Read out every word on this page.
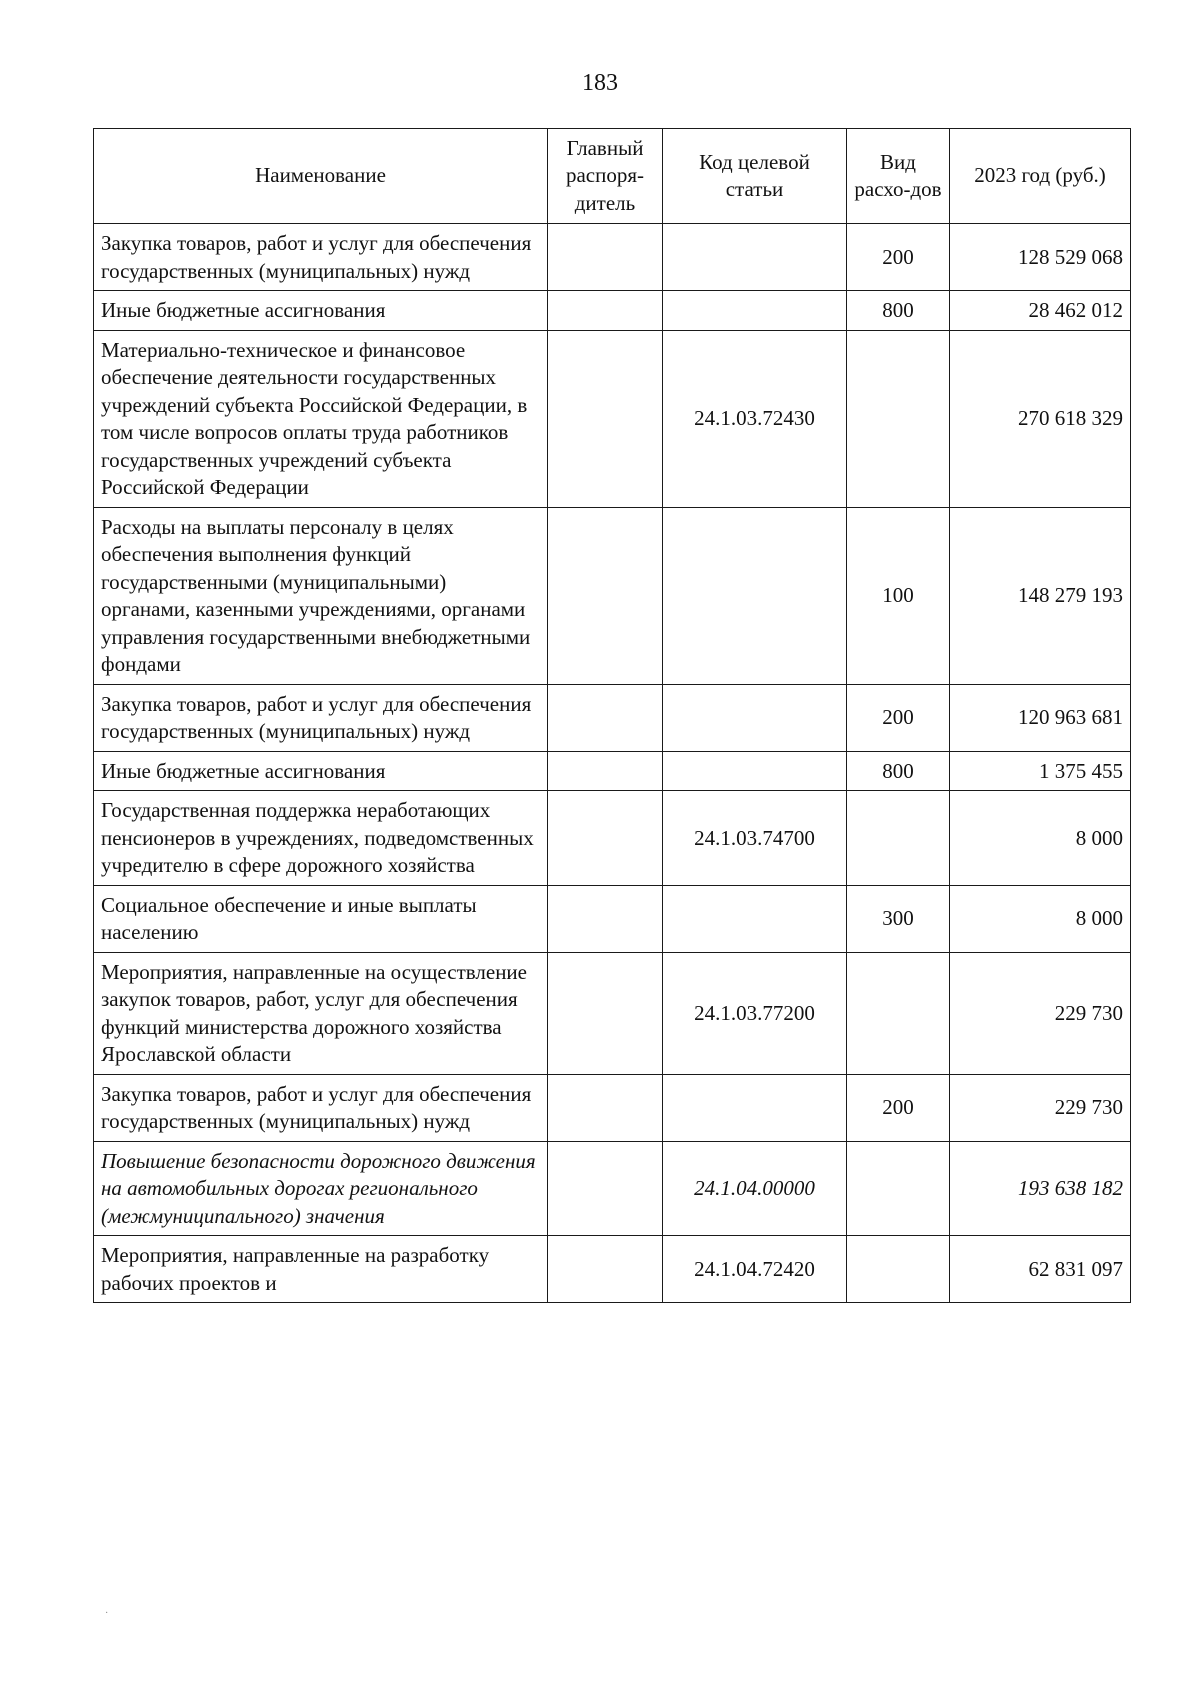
183
Наименование	Главный распоря-дитель	Код целевой статьи	Вид расхо-дов	2023 год (руб.)
Закупка товаров, работ и услуг для обеспечения государственных (муниципальных) нужд			200	128 529 068
Иные бюджетные ассигнования			800	28 462 012
Материально-техническое и финансовое обеспечение деятельности государственных учреждений субъекта Российской Федерации, в том числе вопросов оплаты труда работников государственных учреждений субъекта Российской Федерации		24.1.03.72430		270 618 329
Расходы на выплаты персоналу в целях обеспечения выполнения функций государственными (муниципальными) органами, казенными учреждениями, органами управления государственными внебюджетными фондами			100	148 279 193
Закупка товаров, работ и услуг для обеспечения государственных (муниципальных) нужд			200	120 963 681
Иные бюджетные ассигнования			800	1 375 455
Государственная поддержка неработающих пенсионеров в учреждениях, подведомственных учредителю в сфере дорожного хозяйства		24.1.03.74700		8 000
Социальное обеспечение и иные выплаты населению			300	8 000
Мероприятия, направленные на осуществление закупок товаров, работ, услуг для обеспечения функций министерства дорожного хозяйства Ярославской области		24.1.03.77200		229 730
Закупка товаров, работ и услуг для обеспечения государственных (муниципальных) нужд			200	229 730
Повышение безопасности дорожного движения на автомобильных дорогах регионального (межмуниципального) значения		24.1.04.00000		193 638 182
Мероприятия, направленные на разработку рабочих проектов и		24.1.04.72420		62 831 097
·
